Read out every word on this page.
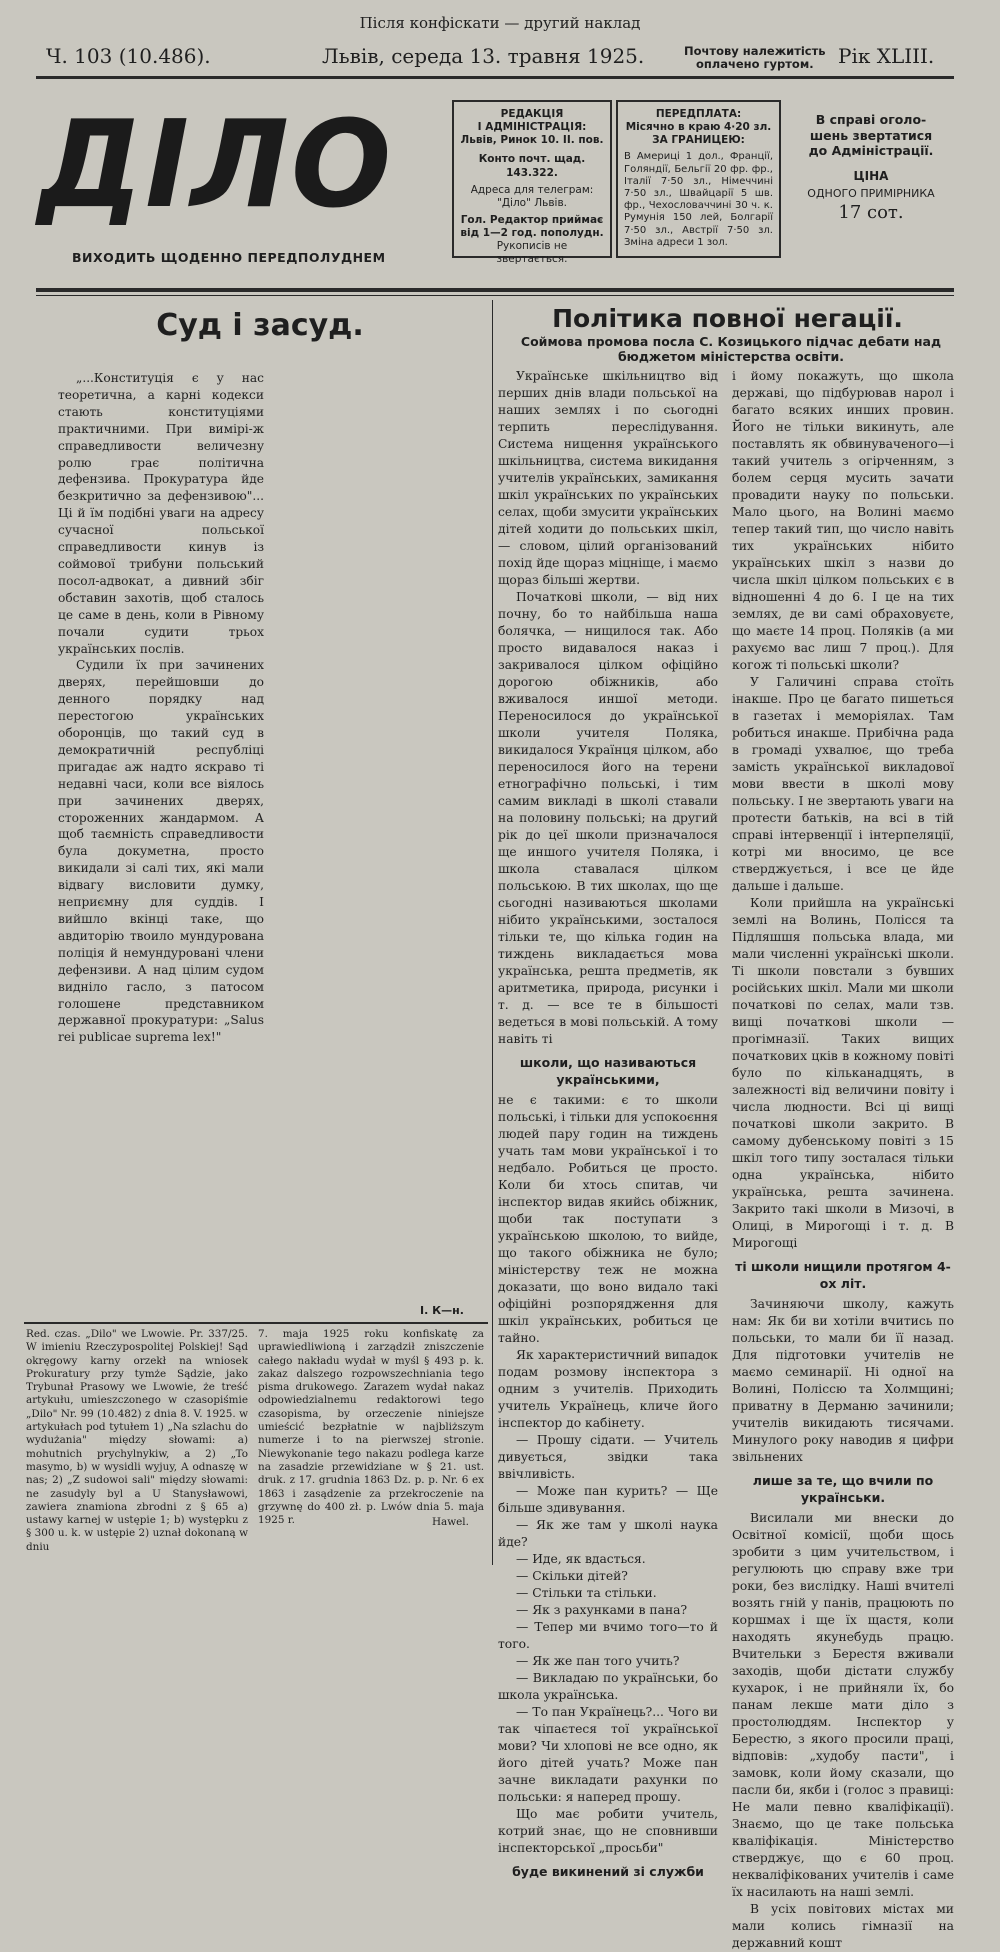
Після конфіскати — другий наклад
Ч. 103 (10.486).	Львів, середа 13. травня 1925.	Почтову належитість
оплачено гуртом.	Рік XLIII.
ДІЛО
ВИХОДИТЬ ЩОДЕННО ПЕРЕДПОЛУДНЕМ
РЕДАКЦІЯ
І АДМІНІСТРАЦІЯ:
Львів, Ринок 10. II. пов.
Конто почт. щад. 143.322.
Адреса для телеграм: "Діло" Львів.
Гол. Редактор приймає від 1—2 год. пополудн.
Рукописів не звертається.
ПЕРЕДПЛАТА:
Місячно в краю 4·20 зл.
ЗА ГРАНИЦЕЮ:
В Америці 1 дол., Франції, Голяндії, Бельгії 20 фр. фр., Італії 7·50 зл., Німеччині 7·50 зл., Швайцарії 5 шв. фр., Чехословаччині 30 ч. к. Румунія 150 лей, Болгарії 7·50 зл., Австрії 7·50 зл. Зміна адреси 1 зол.
В справі оголо-
шень звертатися
до Адміністрації.
ЦІНА
ОДНОГО ПРИМІРНИКА
17 сот.
Суд і засуд.

„...Конституція є у нас теоретична, а карні кодекси стають конституціями практичними. При вимірі-ж справедливости величезну ролю грає політична дефензива. Прокуратура йде безкритично за дефензивою"... Ці й їм подібні уваги на адресу сучасної польської справедливости кинув із соймової трибуни польський посол-адвокат, а дивний збіг обставин захотів, щоб сталось це саме в день, коли в Рівному почали судити трьох українських послів.

Судили їх при зачинених дверях, перейшовши до денного порядку над перестогою українських оборонців, що такий суд в демократичній республіці пригадає аж надто яскраво ті недавні часи, коли все віялось при зачинених дверях, стороженних жандармом. А щоб таємність справедливости була докуметна, просто викидали зі салі тих, які мали відвагу висловити думку, неприємну для суддів. І вийшло вкінці таке, що авдиторію твоило мундурована поліція й немундуровані члени дефензиви. А над цілим судом видніло гасло, з патосом голошене представником державної прокуратури: „Salus rei publicae suprema lex!"

І. К—н.
Red. czas. „Dilo" we Lwowie. Pr. 337/25. W imieniu Rzeczypospolitej Polskiej! Sąd okręgowy karny orzekł na wniosek Prokuratury przy tymże Sądzie, jako Trybunał Prasowy we Lwowie, że treść artykułu, umieszczonego w czasopiśmie „Dilo" Nr. 99 (10.482) z dnia 8. V. 1925. w artykułach pod tytułem 1) „Na szlachu do wydużania" między słowami: a) mohutnich prychylnykiw, a 2) „To masymo, b) w wysidli wyjuy, A odnaszę w nas; 2) „Z sudowoi sali" między słowami: ne zasudyly byl a U Stanysławowi, zawiera znamiona zbrodni z § 65 a) ustawy karnej w ustępie 1; b) występku z § 300 u. k. w ustępie 2) uznał dokonaną w dniu
7. maja 1925 roku konfiskatę za uprawiedliwioną i zarządził zniszczenie całego nakładu wydał w myśl § 493 p. k. zakaz dalszego rozpowszechniania tego pisma drukowego. Zarazem wydał nakaz odpowiedzialnemu redaktorowi tego czasopisma, by orzeczenie niniejsze umieścić bezpłatnie w najbliższym numerze i to na pierwszej stronie. Niewykonanie tego nakazu podlega karze na zasadzie przewidziane w § 21. ust. druk. z 17. grudnia 1863 Dz. p. p. Nr. 6 ex 1863 i zasądzenie za przekroczenie na grzywnę do 400 zł. p. Lwów dnia 5. maja 1925 r.	Hawel.
Політика повної негації.
Соймова промова посла С. Козицького підчас дебати над бюджетом міністерства освіти.

Українське шкільництво від перших днів влади польської на наших землях і по сьогодні терпить переслідування. Система нищення українського шкільництва, система викидання учителів українських, замикання шкіл українських по українських селах, щоби змусити українських дітей ходити до польських шкіл, — словом, цілий організований похід йде щораз міцніще, і маємо щораз більші жертви.

Початкові школи, — від них почну, бо то найбільша наша болячка, — нищилося так. Або просто видавалося наказ і закривалося цілком офіційно дорогою обіжників, або вживалося иншої методи. Переносилося до української школи учителя Поляка, викидалося Українця цілком, або переносилося його на терени етнографічно польські, і тим самим викладі в школі ставали на половину польські; на другий рік до цеї школи призначалося ще иншого учителя Поляка, і школа ставалася цілком польською. В тих школах, що ще сьогодні називаються школами нібито українськими, зосталося тільки те, що кілька годин на тиждень викладається мова українська, решта предметів, як аритметика, природа, рисунки і т. д. — все те в більшості ведеться в мові польській. А тому навіть ті

школи, що називаються українськими,

не є такими: є то школи польські, і тільки для успокоєння людей пару годин на тиждень учать там мови української і то недбало. Робиться це просто. Коли би хтось спитав, чи інспектор видав якийсь обіжник, щоби так поступати з українською школою, то вийде, що такого обіжника не було; міністерству теж не можна доказати, що воно видало такі офіційні розпорядження для шкіл українських, робиться це тайно.

Як характеристичний випадок подам розмову інспектора з одним з учителів. Приходить учитель Українець, кличе його інспектор до кабінету.

— Прошу сідати. — Учитель дивується, звідки така ввічливість.

— Може пан курить? — Ще більше здивування.

— Як же там у школі наука йде?

— Иде, як вдасться.

— Скільки дітей?

— Стільки та стільки.

— Як з рахунками в пана?

— Тепер ми вчимо того—то й того.

— Як же пан того учить?

— Викладаю по українськи, бо школа українська.

— То пан Українець?... Чого ви так чіпаєтеся тої української мови? Чи хлопові не все одно, як його дітей учать? Може пан зачне викладати рахунки по польськи: я наперед прошу.

Що має робити учитель, котрий знає, що не сповнивши інспекторської „просьби"

буде викинений зі служби

і йому покажуть, що школа державі, що підбурював нарол і багато всяких инших провин. Його не тільки викинуть, але поставлять як обвинуваченого—і такий учитель з огірченням, з болем серця мусить зачати провадити науку по польськи. Мало цього, на Волині маємо тепер такий тип, що число навіть тих українських нібито українських шкіл з назви до числа шкіл цілком польських є в відношенні 4 до 6. І це на тих землях, де ви самі обраховуєте, що маєте 14 проц. Поляків (а ми рахуємо вас лиш 7 проц.). Для когож ті польські школи?

У Галичині справа стоїть інакше. Про це багато пишеться в газетах і меморіялах. Там робиться инакше. Прибічна рада в громаді ухвалює, що треба замість української викладової мови ввести в школі мову польську. І не звертають уваги на протести батьків, на всі в тій справі інтервенції і інтерпеляції, котрі ми вносимо, це все стверджується, і все це йде дальше і дальше.

Коли прийшла на українські землі на Волинь, Полісся та Підляшшя польська влада, ми мали численні українські школи. Ті школи повстали з бувших російських шкіл. Мали ми школи початкові по селах, мали тзв. вищі початкові школи — прогімназії. Таких вищих початкових цків в кожному повіті було по кільканадцять, в залежності від величини повіту і числа людности. Всі ці вищі початкові школи закрито. В самому дубенському повіті з 15 шкіл того типу зосталася тільки одна українська, нібито українська, решта зачинена. Закрито такі школи в Мизочі, в Олиці, в Мирогощі і т. д. В Мирогощі

ті школи нищили протягом 4-ох літ.

Зачиняючи школу, кажуть нам: Як би ви хотіли вчитись по польськи, то мали би її назад. Для підготовки учителів не маємо семинарії. Ні одної на Волині, Поліссю та Холмщині; приватну в Дерманю зачинили; учителів викидають тисячами. Минулого року наводив я цифри звільнених

лише за те, що вчили по українськи.

Висилали ми внески до Освітної комісії, щоби щось зробити з цим учительством, і регулюють цю справу вже три роки, без вислідку. Наші вчителі возять гній у панів, працюють по коршмах і ще їх щастя, коли находять якунебудь працю. Вчительки з Берестя вживали заходів, щоби дістати службу кухарок, і не прийняли їх, бо панам лекше мати діло з простолюддям. Інспектор у Берестю, з якого просили праці, відповів: „худобу пасти", і замовк, коли йому сказали, що пасли би, якби і (голос з правиці: Не мали певно кваліфікації). Знаємо, що це таке польська кваліфікація. Міністерство стверджує, що є 60 проц. некваліфікованих учителів і саме їх насилають на наші землі.

В усіх повітових містах ми мали колись гімназії на державний кошт
